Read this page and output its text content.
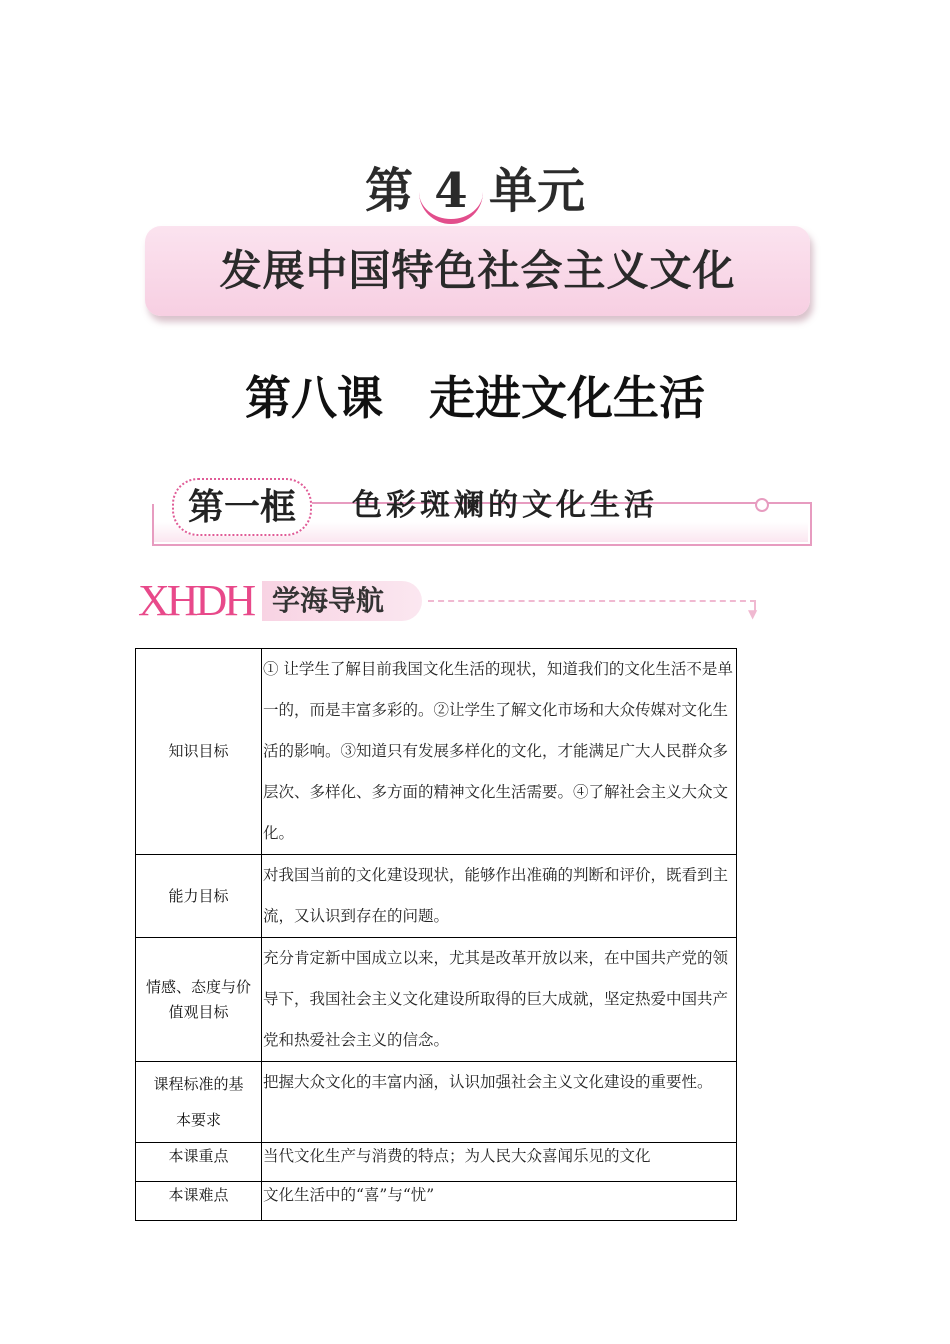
第 4 单元
发展中国特色社会主义文化
第八课 走进文化生活
第一框	色彩斑斓的文化生活
XHDH 学海导航	▼
知识目标	① 让学生了解目前我国文化生活的现状，知道我们的文化生活不是单一的，而是丰富多彩的。②让学生了解文化市场和大众传媒对文化生活的影响。③知道只有发展多样化的文化，才能满足广大人民群众多层次、多样化、多方面的精神文化生活需要。④了解社会主义大众文化。
能力目标	对我国当前的文化建设现状，能够作出准确的判断和评价，既看到主流，又认识到存在的问题。

情感、态度与价值观目标	充分肯定新中国成立以来，尤其是改革开放以来，在中国共产党的领导下，我国社会主义文化建设所取得的巨大成就，坚定热爱中国共产党和热爱社会主义的信念。

课程标准的基本要求	把握大众文化的丰富内涵，认识加强社会主义文化建设的重要性。
本课重点	当代文化生产与消费的特点；为人民大众喜闻乐见的文化
本课难点	文化生活中的“喜”与“忧”
